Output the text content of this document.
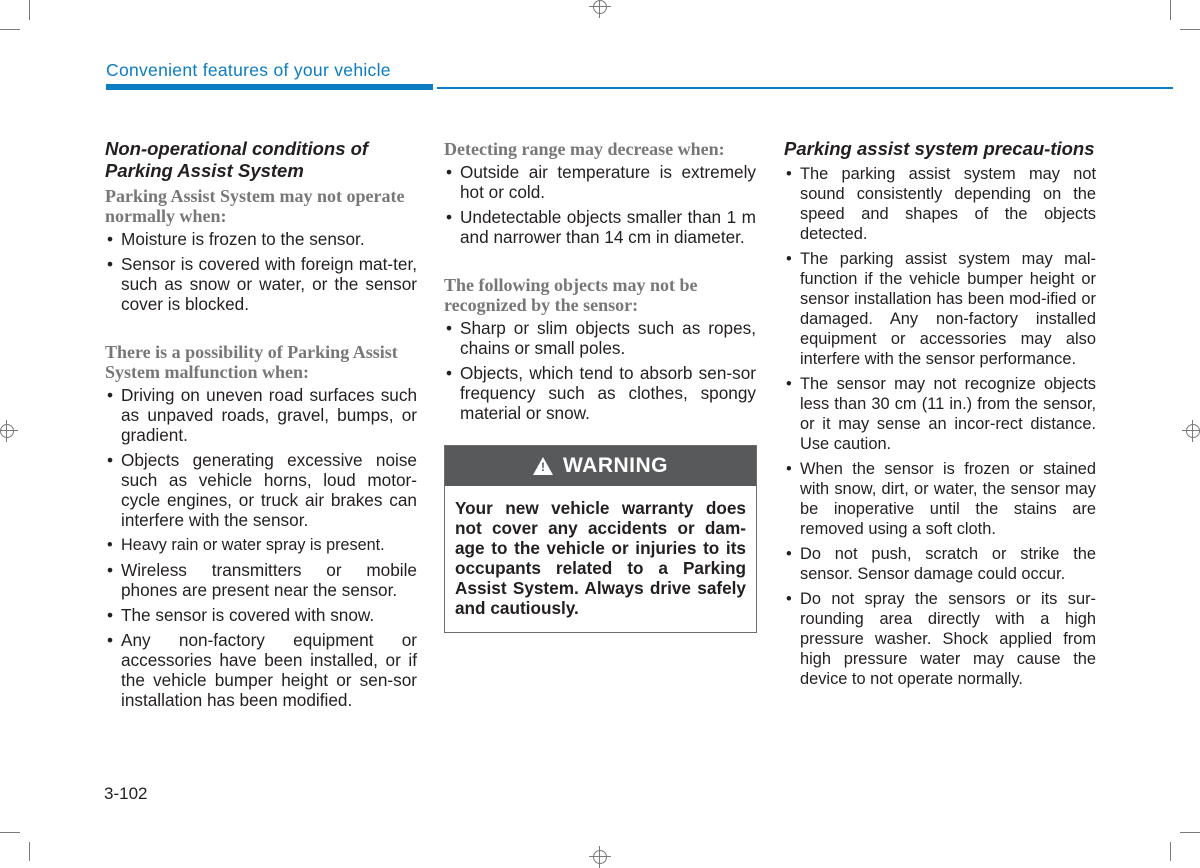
Convenient features of your vehicle
Non-operational conditions of Parking Assist System
Parking Assist System may not operate normally when:
• Moisture is frozen to the sensor.
• Sensor is covered with foreign mat-ter, such as snow or water, or the sensor cover is blocked.
There is a possibility of Parking Assist System malfunction when:
• Driving on uneven road surfaces such as unpaved roads, gravel, bumps, or gradient.
• Objects generating excessive noise such as vehicle horns, loud motor-cycle engines, or truck air brakes can interfere with the sensor.
• Heavy rain or water spray is present.
• Wireless transmitters or mobile phones are present near the sensor.
• The sensor is covered with snow.
• Any non-factory equipment or accessories have been installed, or if the vehicle bumper height or sen-sor installation has been modified.
Detecting range may decrease when:
• Outside air temperature is extremely hot or cold.
• Undetectable objects smaller than 1 m and narrower than 14 cm in diameter.
The following objects may not be recognized by the sensor:
• Sharp or slim objects such as ropes, chains or small poles.
• Objects, which tend to absorb sen-sor frequency such as clothes, spongy material or snow.
! WARNING
Your new vehicle warranty does not cover any accidents or dam-age to the vehicle or injuries to its occupants related to a Parking Assist System. Always drive safely and cautiously.
Parking assist system precau-tions
• The parking assist system may not sound consistently depending on the speed and shapes of the objects detected.
• The parking assist system may mal-function if the vehicle bumper height or sensor installation has been mod-ified or damaged. Any non-factory installed equipment or accessories may also interfere with the sensor performance.
• The sensor may not recognize objects less than 30 cm (11 in.) from the sensor, or it may sense an incor-rect distance. Use caution.
• When the sensor is frozen or stained with snow, dirt, or water, the sensor may be inoperative until the stains are removed using a soft cloth.
• Do not push, scratch or strike the sensor. Sensor damage could occur.
• Do not spray the sensors or its sur-rounding area directly with a high pressure washer. Shock applied from high pressure water may cause the device to not operate normally.
3-102
